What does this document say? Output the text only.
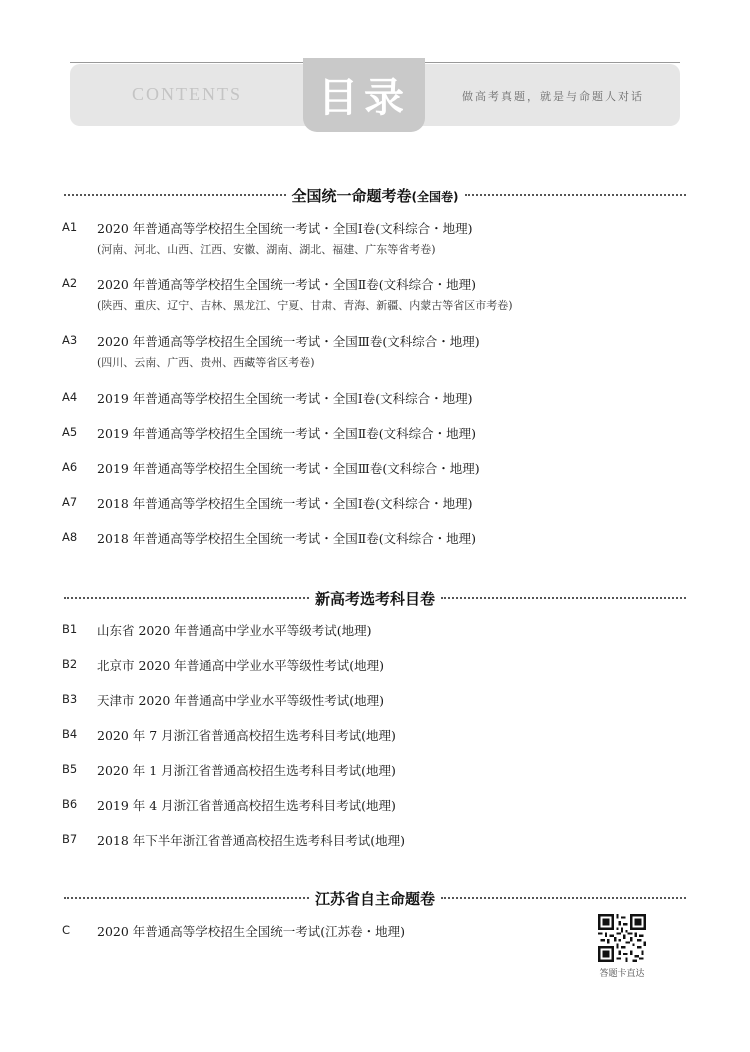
CONTENTS	目录	做高考真题，就是与命题人对话
全国统一命题考卷(全国卷)
A1	2020 年普通高等学校招生全国统一考试・全国Ⅰ卷(文科综合・地理)
(河南、河北、山西、江西、安徽、湖南、湖北、福建、广东等省考卷)
A2	2020 年普通高等学校招生全国统一考试・全国Ⅱ卷(文科综合・地理)
(陕西、重庆、辽宁、吉林、黑龙江、宁夏、甘肃、青海、新疆、内蒙古等省区市考卷)
A3	2020 年普通高等学校招生全国统一考试・全国Ⅲ卷(文科综合・地理)
(四川、云南、广西、贵州、西藏等省区考卷)
A4	2019 年普通高等学校招生全国统一考试・全国Ⅰ卷(文科综合・地理)
A5	2019 年普通高等学校招生全国统一考试・全国Ⅱ卷(文科综合・地理)
A6	2019 年普通高等学校招生全国统一考试・全国Ⅲ卷(文科综合・地理)
A7	2018 年普通高等学校招生全国统一考试・全国Ⅰ卷(文科综合・地理)
A8	2018 年普通高等学校招生全国统一考试・全国Ⅱ卷(文科综合・地理)
新高考选考科目卷
B1	山东省 2020 年普通高中学业水平等级考试(地理)
B2	北京市 2020 年普通高中学业水平等级性考试(地理)
B3	天津市 2020 年普通高中学业水平等级性考试(地理)
B4	2020 年 7 月浙江省普通高校招生选考科目考试(地理)
B5	2020 年 1 月浙江省普通高校招生选考科目考试(地理)
B6	2019 年 4 月浙江省普通高校招生选考科目考试(地理)
B7	2018 年下半年浙江省普通高校招生选考科目考试(地理)
江苏省自主命题卷
C	2020 年普通高等学校招生全国统一考试(江苏卷・地理)
答题卡直达
